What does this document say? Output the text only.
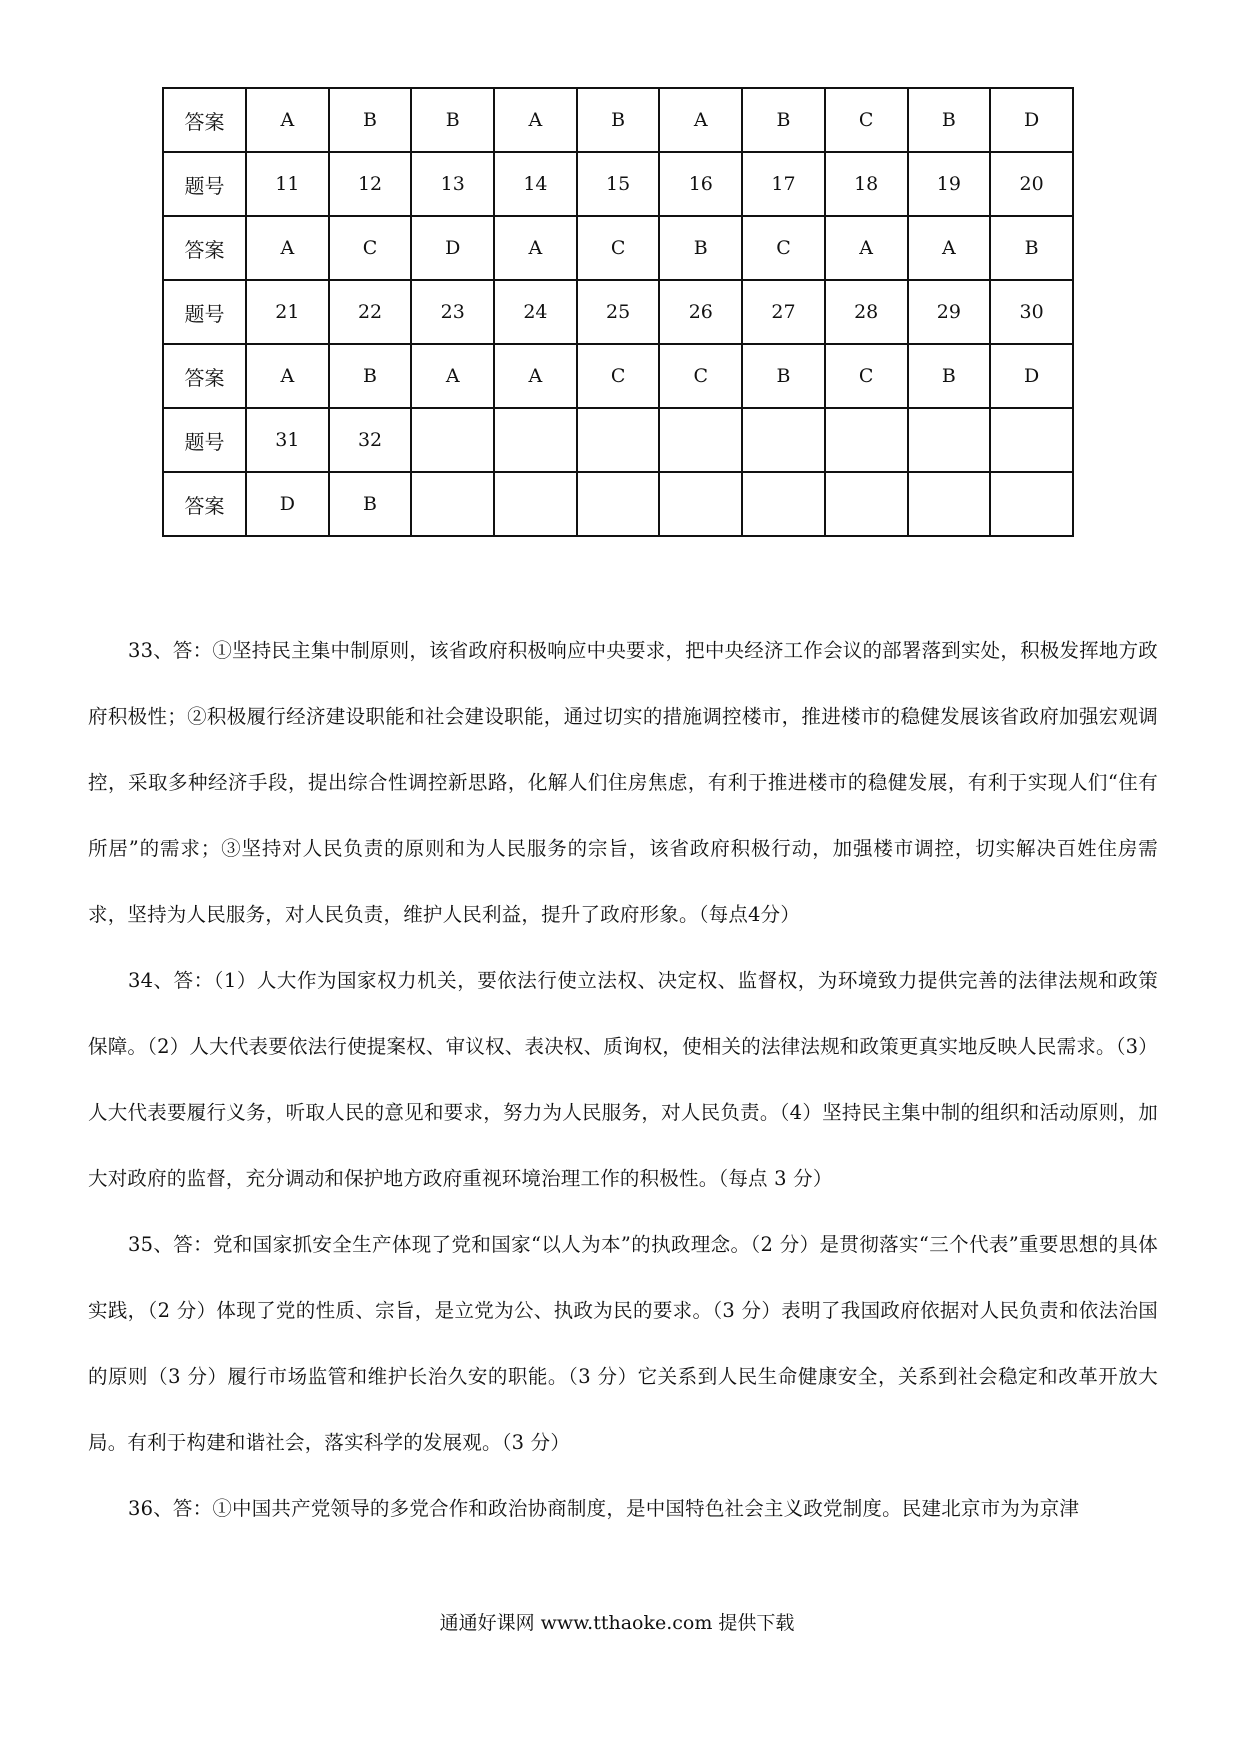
答案	A	B	B	A	B	A	B	C	B	D
题号	11	12	13	14	15	16	17	18	19	20
答案	A	C	D	A	C	B	C	A	A	B
题号	21	22	23	24	25	26	27	28	29	30
答案	A	B	A	A	C	C	B	C	B	D
题号	31	32								
答案	D	B								

33、答：①坚持民主集中制原则，该省政府积极响应中央要求，把中央经济工作会议的部署落到实处，积极发挥地方政府积极性；②积极履行经济建设职能和社会建设职能，通过切实的措施调控楼市，推进楼市的稳健发展该省政府加强宏观调控，采取多种经济手段，提出综合性调控新思路，化解人们住房焦虑，有利于推进楼市的稳健发展，有利于实现人们“住有所居”的需求；③坚持对人民负责的原则和为人民服务的宗旨，该省政府积极行动，加强楼市调控，切实解决百姓住房需求，坚持为人民服务，对人民负责，维护人民利益，提升了政府形象。（每点4分）

34、答：（1）人大作为国家权力机关，要依法行使立法权、决定权、监督权，为环境致力提供完善的法律法规和政策保障。（2）人大代表要依法行使提案权、审议权、表决权、质询权，使相关的法律法规和政策更真实地反映人民需求。（3）人大代表要履行义务，听取人民的意见和要求，努力为人民服务，对人民负责。（4）坚持民主集中制的组织和活动原则，加大对政府的监督，充分调动和保护地方政府重视环境治理工作的积极性。（每点 3 分）

35、答：党和国家抓安全生产体现了党和国家“以人为本”的执政理念。（2 分）是贯彻落实“三个代表”重要思想的具体实践，（2 分）体现了党的性质、宗旨，是立党为公、执政为民的要求。（3 分）表明了我国政府依据对人民负责和依法治国的原则（3 分）履行市场监管和维护长治久安的职能。（3 分）它关系到人民生命健康安全，关系到社会稳定和改革开放大局。有利于构建和谐社会，落实科学的发展观。（3 分）

36、答：①中国共产党领导的多党合作和政治协商制度，是中国特色社会主义政党制度。民建北京市为为京津

通通好课网 www.tthaoke.com 提供下载
